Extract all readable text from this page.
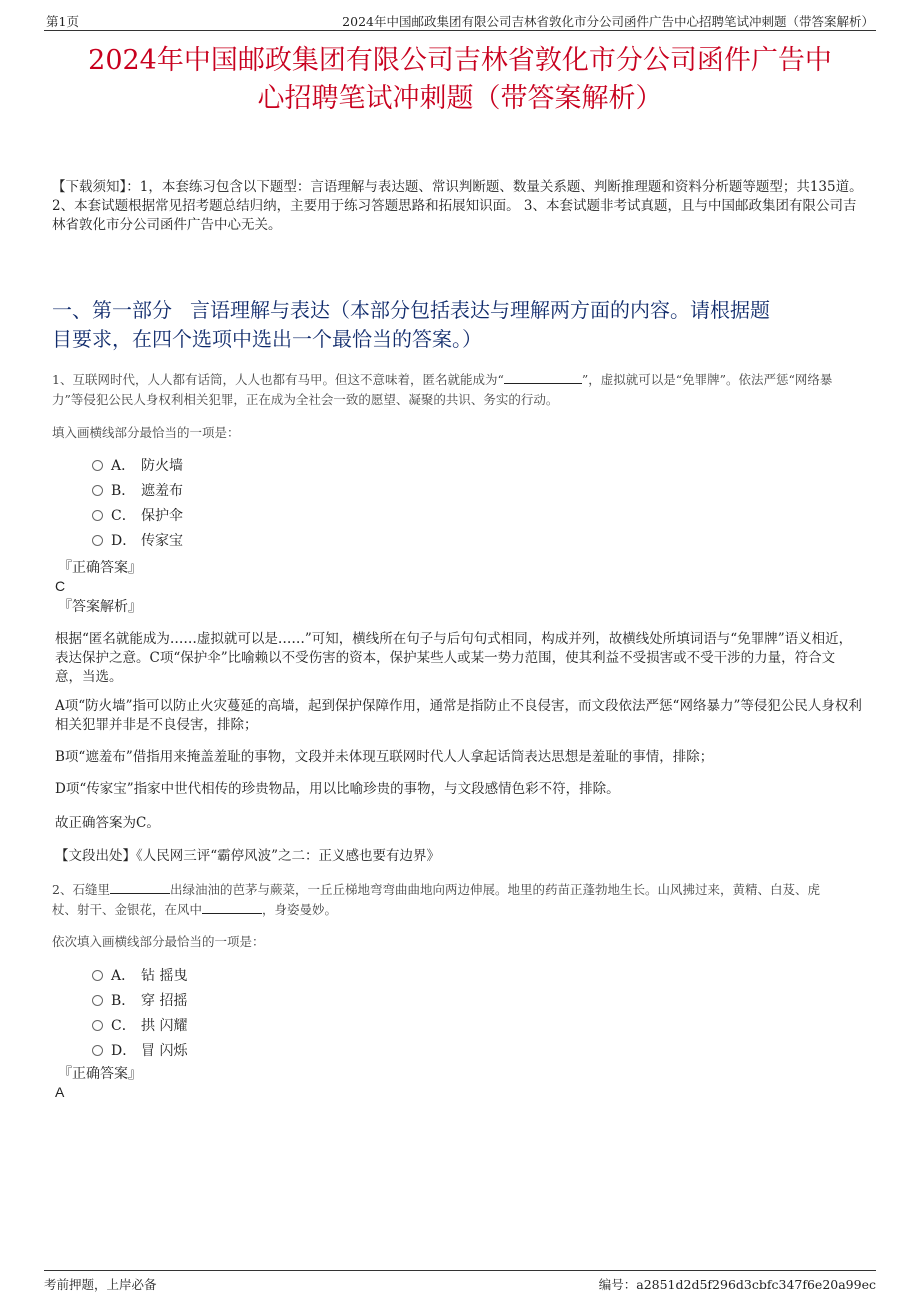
第1页	2024年中国邮政集团有限公司吉林省敦化市分公司函件广告中心招聘笔试冲刺题（带答案解析）
2024年中国邮政集团有限公司吉林省敦化市分公司函件广告中
心招聘笔试冲刺题（带答案解析）
【下载须知】：1，本套练习包含以下题型：言语理解与表达题、常识判断题、数量关系题、判断推理题和资料分析题等题型；共135道。 2、本套试题根据常见招考题总结归纳，主要用于练习答题思路和拓展知识面。 3、本套试题非考试真题，且与中国邮政集团有限公司吉林省敦化市分公司函件广告中心无关。
一、第一部分 言语理解与表达（本部分包括表达与理解两方面的内容。请根据题
目要求，在四个选项中选出一个最恰当的答案。）
1、互联网时代，人人都有话筒，人人也都有马甲。但这不意味着，匿名就能成为“	”，虚拟就可以是“免罪牌”。依法严惩“网络暴
力”等侵犯公民人身权利相关犯罪，正在成为全社会一致的愿望、凝聚的共识、务实的行动。
填入画横线部分最恰当的一项是：
A． 防火墙
B． 遮羞布
C． 保护伞
D． 传家宝
『正确答案』
C
『答案解析』
根据“匿名就能成为……虚拟就可以是……”可知，横线所在句子与后句句式相同，构成并列，故横线处所填词语与“免罪牌”语义相近，表达保护之意。C项“保护伞”比喻赖以不受伤害的资本，保护某些人或某一势力范围，使其利益不受损害或不受干涉的力量，符合文意，当选。
A项“防火墙”指可以防止火灾蔓延的高墙，起到保护保障作用，通常是指防止不良侵害，而文段依法严惩“网络暴力”等侵犯公民人身权利相关犯罪并非是不良侵害，排除；
B项“遮羞布”借指用来掩盖羞耻的事物，文段并未体现互联网时代人人拿起话筒表达思想是羞耻的事情，排除；
D项“传家宝”指家中世代相传的珍贵物品，用以比喻珍贵的事物，与文段感情色彩不符，排除。
故正确答案为C。
【文段出处】《人民网三评“霸停风波”之二：正义感也要有边界》
2、石缝里	出绿油油的芭茅与蕨菜，一丘丘梯地弯弯曲曲地向两边伸展。地里的药苗正蓬勃地生长。山风拂过来，黄精、白芨、虎
杖、射干、金银花，在风中	，身姿曼妙。
依次填入画横线部分最恰当的一项是：
A． 钻 摇曳
B． 穿 招摇
C． 拱 闪耀
D． 冒 闪烁
『正确答案』
A
考前押题，上岸必备	编号：a2851d2d5f296d3cbfc347f6e20a99ec
